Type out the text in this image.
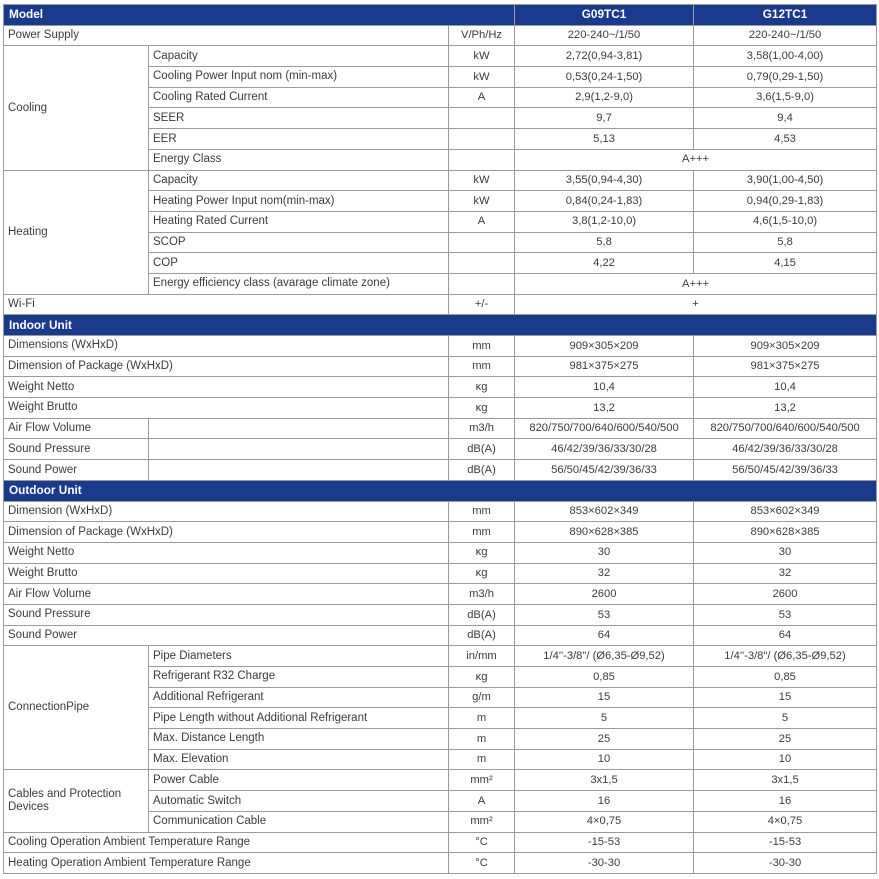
Model			G09TC1	G12TC1
Power Supply		V/Ph/Hz	220-240~/1/50	220-240~/1/50
Cooling	Capacity	kW	2,72(0,94-3,81)	3,58(1,00-4,00)
	Cooling Power Input nom (min-max)	kW	0,53(0,24-1,50)	0,79(0,29-1,50)
	Cooling Rated Current	A	2,9(1,2-9,0)	3,6(1,5-9,0)
	SEER		9,7	9,4
	EER		5,13	4,53
	Energy Class		A+++	
Heating	Capacity	kW	3,55(0,94-4,30)	3,90(1,00-4,50)
	Heating Power Input nom(min-max)	kW	0,84(0,24-1,83)	0,94(0,29-1,83)
	Heating Rated Current	A	3,8(1,2-10,0)	4,6(1,5-10,0)
	SCOP		5,8	5,8
	COP		4,22	4,15
	Energy efficiency class (avarage climate zone)		A+++	
Wi-Fi		+/-	+	
Indoor Unit				
Dimensions (WxHxD)		mm	909×305×209	909×305×209
Dimension of Package (WxHxD)		mm	981×375×275	981×375×275
Weight Netto		ĸg	10,4	10,4
Weight Brutto		ĸg	13,2	13,2
Air Flow Volume		m3/h	820/750/700/640/600/540/500	820/750/700/640/600/540/500
Sound Pressure		dB(A)	46/42/39/36/33/30/28	46/42/39/36/33/30/28
Sound Power		dB(A)	56/50/45/42/39/36/33	56/50/45/42/39/36/33
Outdoor Unit				
Dimension (WxHxD)		mm	853×602×349	853×602×349
Dimension of Package (WxHxD)		mm	890×628×385	890×628×385
Weight Netto		ĸg	30	30
Weight Brutto		ĸg	32	32
Air Flow Volume		m3/h	2600	2600
Sound Pressure		dB(A)	53	53
Sound Power		dB(A)	64	64
ConnectionPipe	Pipe Diameters	in/mm	1/4''-3/8"/ (Ø6,35-Ø9,52)	1/4''-3/8"/ (Ø6,35-Ø9,52)
	Refrigerant R32 Charge	ĸg	0,85	0,85
	Additional Refrigerant	g/m	15	15
	Pipe Length without Additional Refrigerant	m	5	5
	Max. Distance Length	m	25	25
	Max. Elevation	m	10	10
Cables and Protection Devices	Power Cable	mm²	3x1,5	3x1,5
	Automatic Switch	A	16	16
	Communication Cable	mm²	4×0,75	4×0,75
Cooling Operation Ambient Temperature Range		°C	-15-53	-15-53
Heating Operation Ambient Temperature Range		°C	-30-30	-30-30
